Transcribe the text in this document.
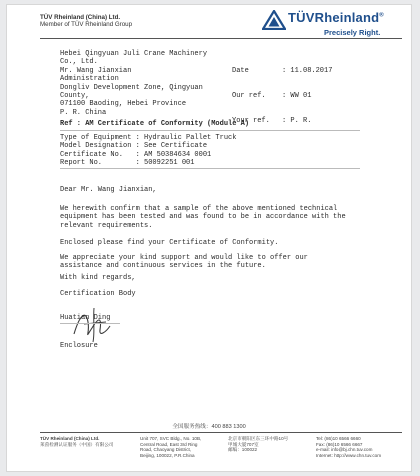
TÜV Rheinland (China) Ltd.
Member of TÜV Rheinland Group	TÜVRheinland®
Precisely Right.
Hebei Qingyuan Juli Crane Machinery
Co., Ltd.
Mr. Wang Jianxian
Administration
Dongliv Development Zone, Qingyuan
County,
071100 Baoding, Hebei Province
P. R. China

Date	: 11.08.2017

Our ref. : WW 01

Your ref. : P. R.

Ref : AM Certificate of Conformity (Module A)
Type of Equipment : Hydraulic Pallet Truck
Model Designation : See Certificate
Certificate No.   : AM 50384634 0001
Report No.        : 50092251 001
Dear Mr. Wang Jianxian,
We herewith confirm that a sample of the above mentioned technical
equipment has been tested and was found to be in accordance with the
relevant requirements.
Enclosed please find your Certificate of Conformity.
We appreciate your kind support and would like to offer our
assistance and continuous services in the future.
With kind regards,
Certification Body
Huatian Ding
Enclosure
全国服务热线：400 883 1300
TÜV Rheinland (China) Ltd.
莱茵检测认证服务（中国）有限公司
Unit 707, SVC Bldg., No. 10B,
Central Road, East 3rd Ring
Road, Chaoyang District,
Beijing, 100022, P.R.China
北京市朝阳区东三环中路10号
甲城大厦707室
邮编：100022
Tel: (86)10 6566 6660
Fax: (86)10 6566 6667
e-mail: info@bj.chn.tuv.com
Internet: http://www.chn.tuv.com
